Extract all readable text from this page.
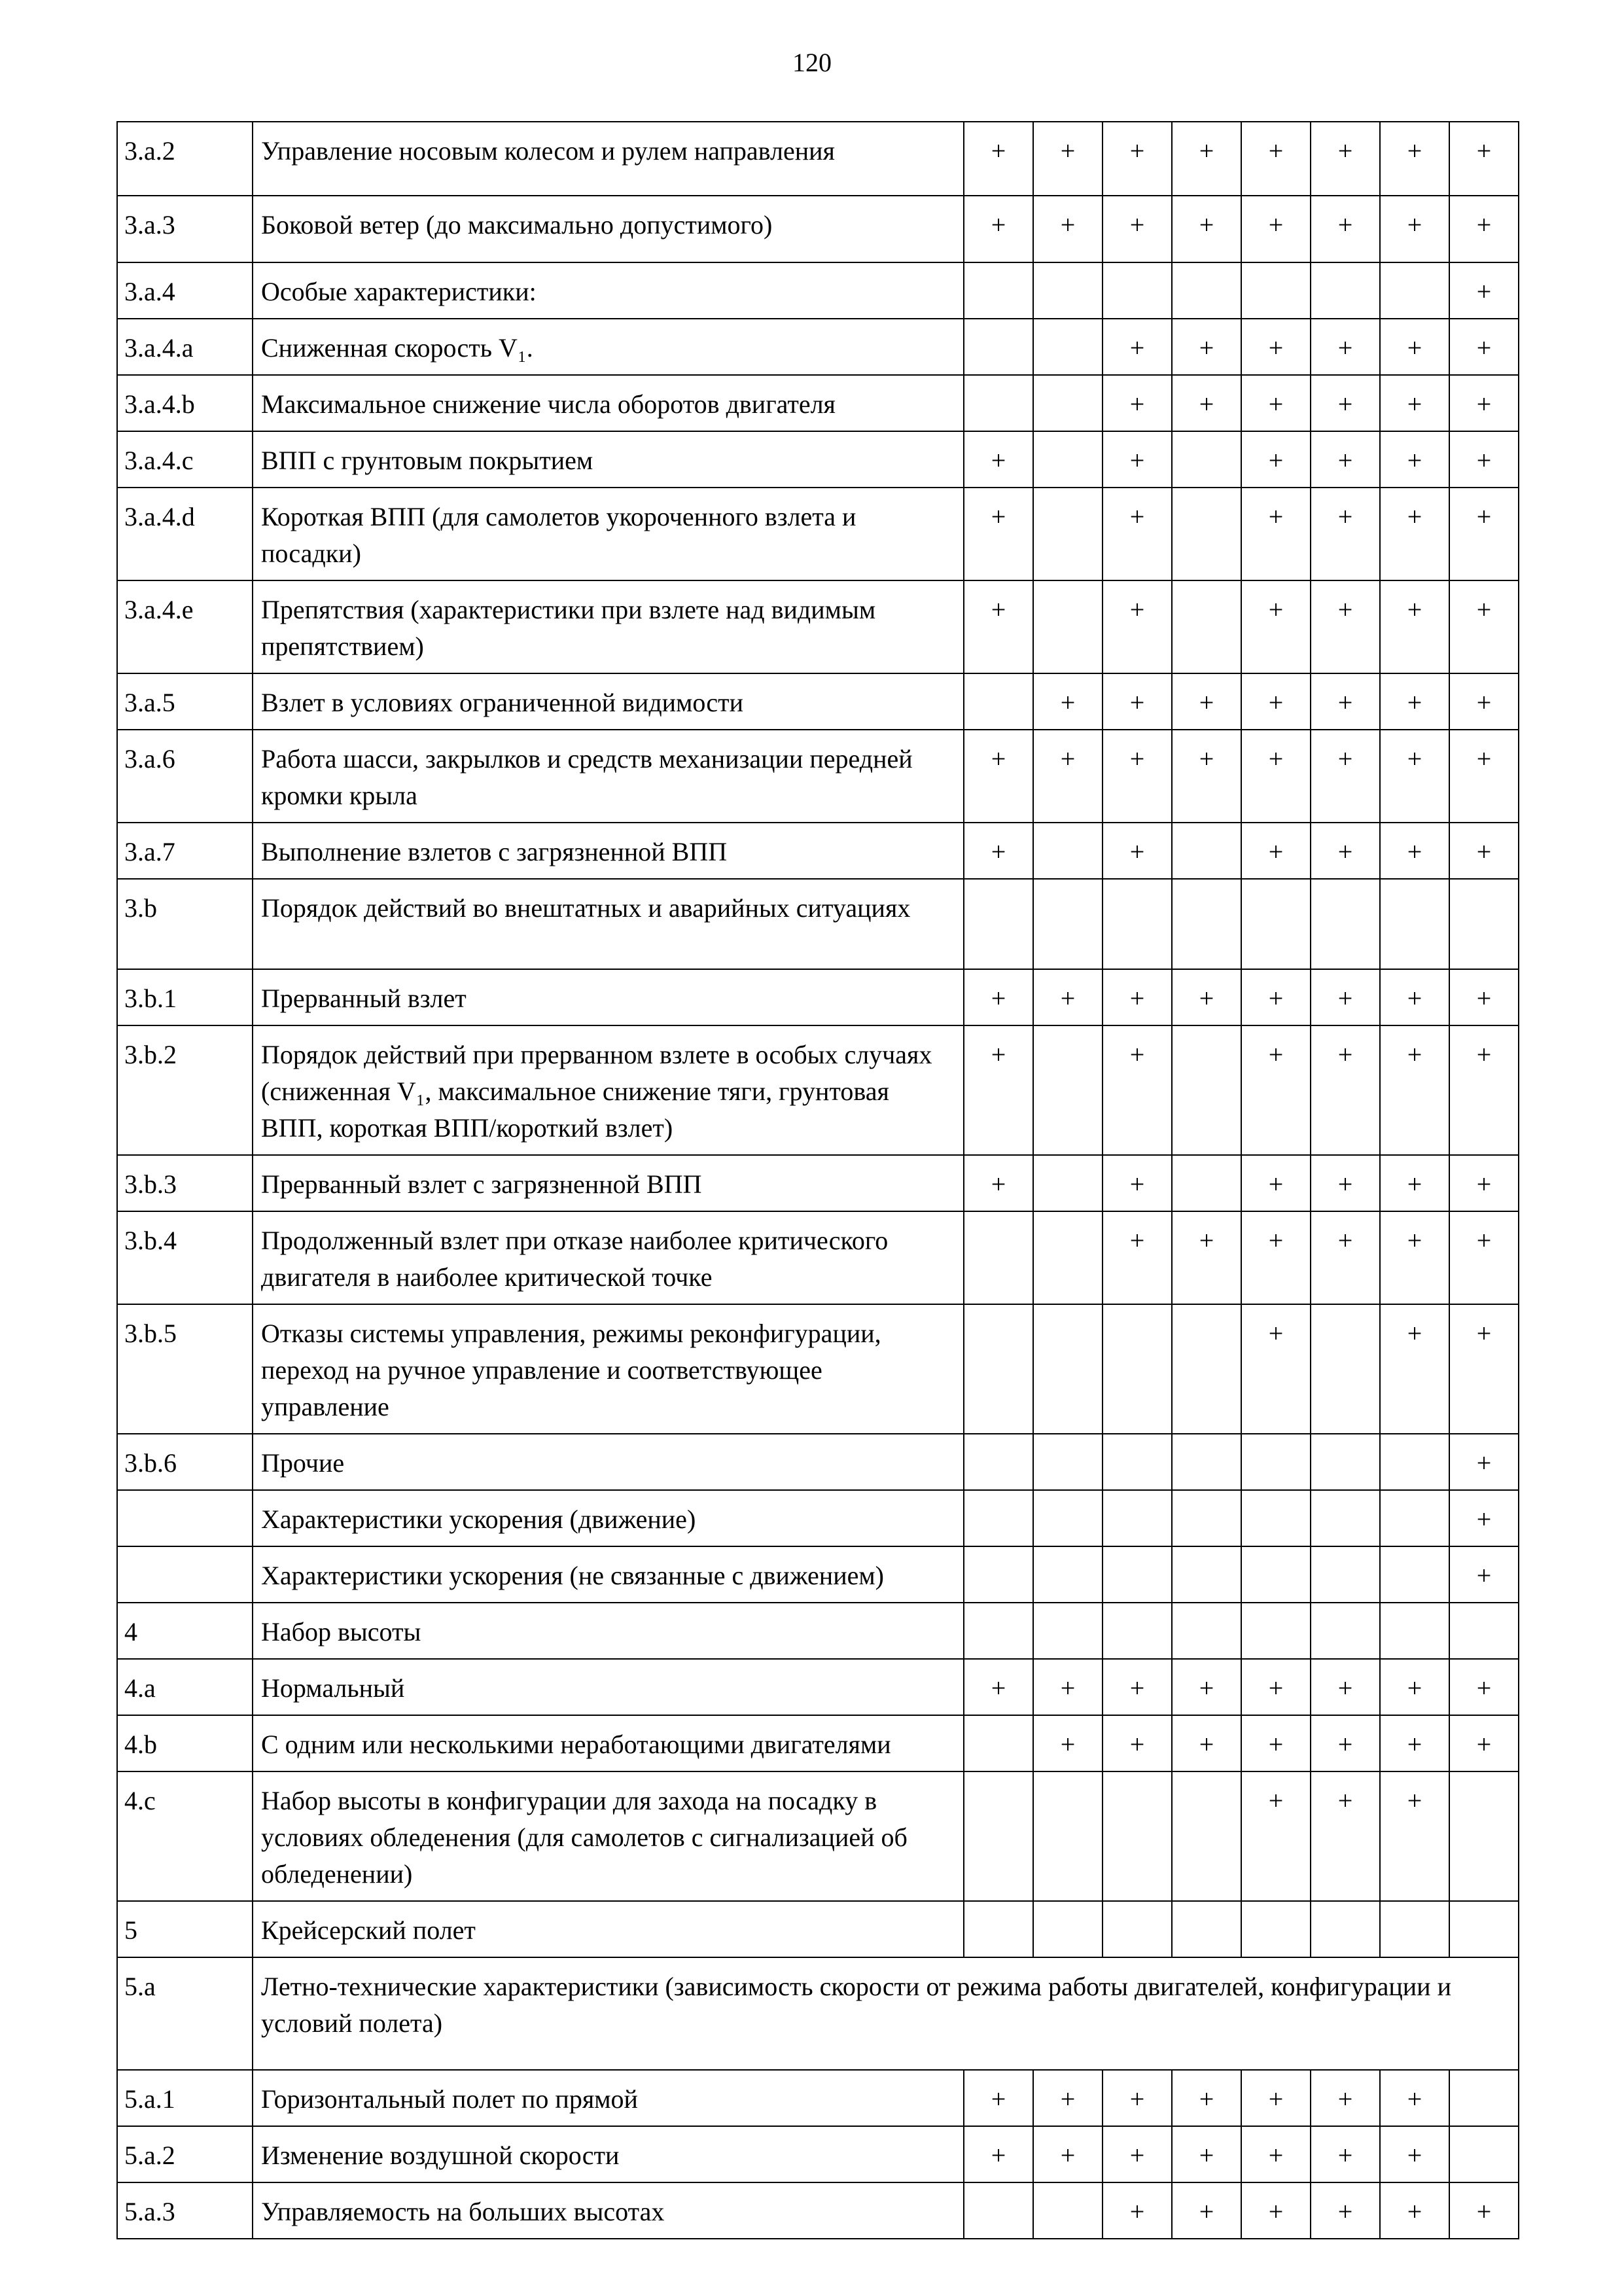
120
3.a.2	Управление носовым колесом и рулем направления	+	+	+	+	+	+	+	+
3.a.3	Боковой ветер (до максимально допустимого)	+	+	+	+	+	+	+	+
3.a.4	Особые характеристики:								+
3.a.4.a	Сниженная скорость V₁.			+	+	+	+	+	+
3.a.4.b	Максимальное снижение числа оборотов двигателя			+	+	+	+	+	+
3.a.4.c	ВПП с грунтовым покрытием	+		+		+	+	+	+
3.a.4.d	Короткая ВПП (для самолетов укороченного взлета и посадки)	+		+		+	+	+	+
3.a.4.e	Препятствия (характеристики при взлете над видимым препятствием)	+		+		+	+	+	+
3.a.5	Взлет в условиях ограниченной видимости		+	+	+	+	+	+	+
3.a.6	Работа шасси, закрылков и средств механизации передней кромки крыла	+	+	+	+	+	+	+	+
3.a.7	Выполнение взлетов с загрязненной ВПП	+		+		+	+	+	+
3.b	Порядок действий во внештатных и аварийных ситуациях								
3.b.1	Прерванный взлет	+	+	+	+	+	+	+	+
3.b.2	Порядок действий при прерванном взлете в особых случаях (сниженная V₁, максимальное снижение тяги, грунтовая ВПП, короткая ВПП/короткий взлет)	+		+		+	+	+	+
3.b.3	Прерванный взлет с загрязненной ВПП	+		+		+	+	+	+
3.b.4	Продолженный взлет при отказе наиболее критического двигателя в наиболее критической точке			+	+	+	+	+	+
3.b.5	Отказы системы управления, режимы реконфигурации, переход на ручное управление и соответствующее управление					+		+	+
3.b.6	Прочие								+
	Характеристики ускорения (движение)								+
	Характеристики ускорения (не связанные с движением)								+
4	Набор высоты								
4.a	Нормальный	+	+	+	+	+	+	+	+
4.b	С одним или несколькими неработающими двигателями		+	+	+	+	+	+	+
4.c	Набор высоты в конфигурации для захода на посадку в условиях обледенения (для самолетов с сигнализацией об обледенении)					+	+	+	
5	Крейсерский полет								
5.a	Летно-технические характеристики (зависимость скорости от режима работы двигателей, конфигурации и условий полета)								
5.a.1	Горизонтальный полет по прямой	+	+	+	+	+	+	+	
5.a.2	Изменение воздушной скорости	+	+	+	+	+	+	+	
5.a.3	Управляемость на больших высотах			+	+	+	+	+	+
